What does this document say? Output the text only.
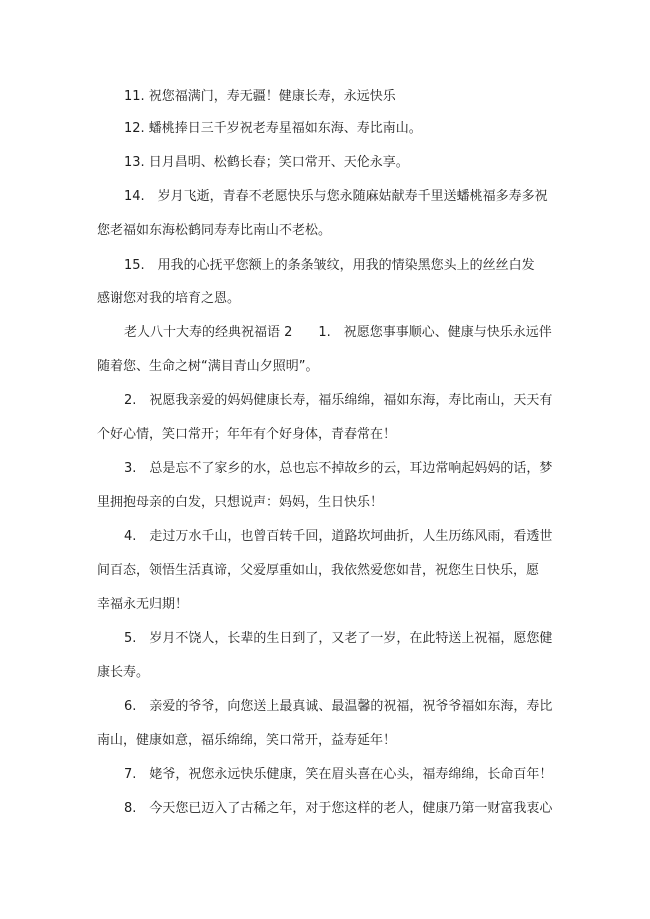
11. 祝您福满门，寿无疆！健康长寿，永远快乐
12. 蟠桃捧日三千岁祝老寿星福如东海、寿比南山。
13. 日月昌明、松鹤长春；笑口常开、天伦永享。
14.　岁月飞逝，青春不老愿快乐与您永随麻姑献寿千里送蟠桃福多寿多祝
您老福如东海松鹤同寿寿比南山不老松。
15.　用我的心抚平您额上的条条皱纹，用我的情染黑您头上的丝丝白发
感谢您对我的培育之恩。
老人八十大寿的经典祝福语 2　　1.　祝愿您事事顺心、健康与快乐永远伴
随着您、生命之树“满目青山夕照明”。
2.　祝愿我亲爱的妈妈健康长寿，福乐绵绵，福如东海，寿比南山，天天有
个好心情，笑口常开；年年有个好身体，青春常在！
3.　总是忘不了家乡的水，总也忘不掉故乡的云，耳边常响起妈妈的话，梦
里拥抱母亲的白发，只想说声：妈妈，生日快乐！
4.　走过万水千山，也曾百转千回，道路坎坷曲折，人生历练风雨，看透世
间百态，领悟生活真谛，父爱厚重如山，我依然爱您如昔，祝您生日快乐，愿
幸福永无归期！
5.　岁月不饶人，长辈的生日到了，又老了一岁，在此特送上祝福，愿您健
康长寿。
6.　亲爱的爷爷，向您送上最真诚、最温馨的祝福，祝爷爷福如东海，寿比
南山，健康如意，福乐绵绵，笑口常开，益寿延年！
7.　姥爷，祝您永远快乐健康，笑在眉头喜在心头，福寿绵绵，长命百年！
8.　今天您已迈入了古稀之年，对于您这样的老人，健康乃第一财富我衷心
